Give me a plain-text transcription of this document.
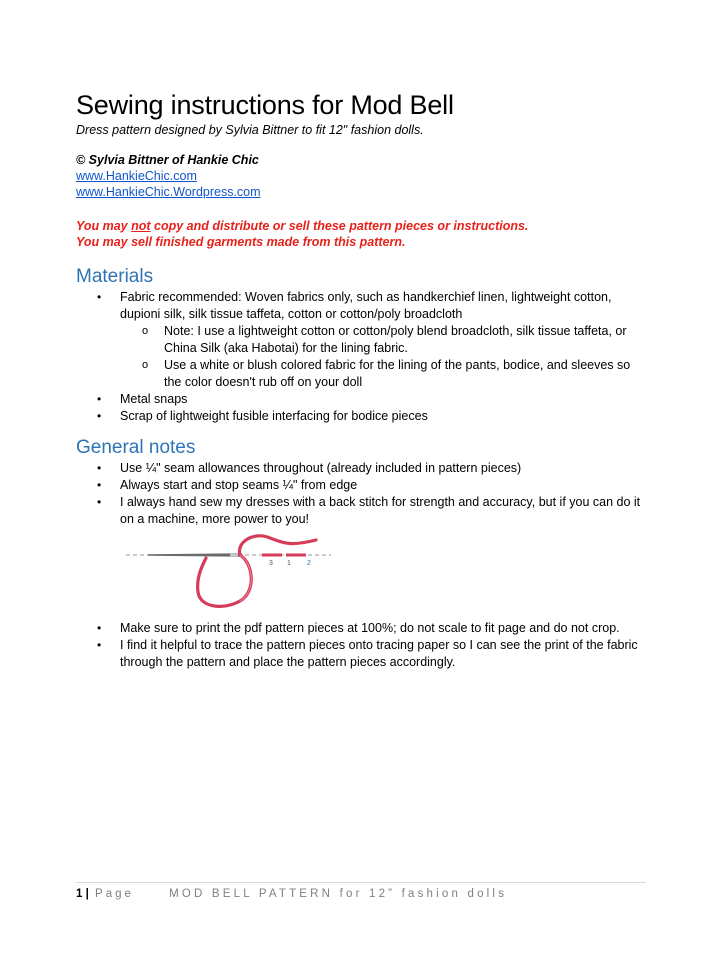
Sewing instructions for Mod Bell

Dress pattern designed by Sylvia Bittner to fit 12" fashion dolls.

© Sylvia Bittner of Hankie Chic

www.HankieChic.com
www.HankieChic.Wordpress.com
You may not copy and distribute or sell these pattern pieces or instructions.
You may sell finished garments made from this pattern.
Materials
• Fabric recommended: Woven fabrics only, such as handkerchief linen, lightweight cotton, dupioni silk, silk tissue taffeta, cotton or cotton/poly broadcloth
o Note: I use a lightweight cotton or cotton/poly blend broadcloth, silk tissue taffeta, or China Silk (aka Habotai) for the lining fabric.
o Use a white or blush colored fabric for the lining of the pants, bodice, and sleeves so the color doesn't rub off on your doll
• Metal snaps
• Scrap of lightweight fusible interfacing for bodice pieces
General notes
• Use ¼" seam allowances throughout (already included in pattern pieces)
• Always start and stop seams ¼" from edge
• I always hand sew my dresses with a back stitch for strength and accuracy, but if you can do it on a machine, more power to you!
3 1 2
• Make sure to print the pdf pattern pieces at 100%; do not scale to fit page and do not crop.
• I find it helpful to trace the pattern pieces onto tracing paper so I can see the print of the fabric through the pattern and place the pattern pieces accordingly.
1 | Page	MOD BELL PATTERN for 12” fashion dolls
